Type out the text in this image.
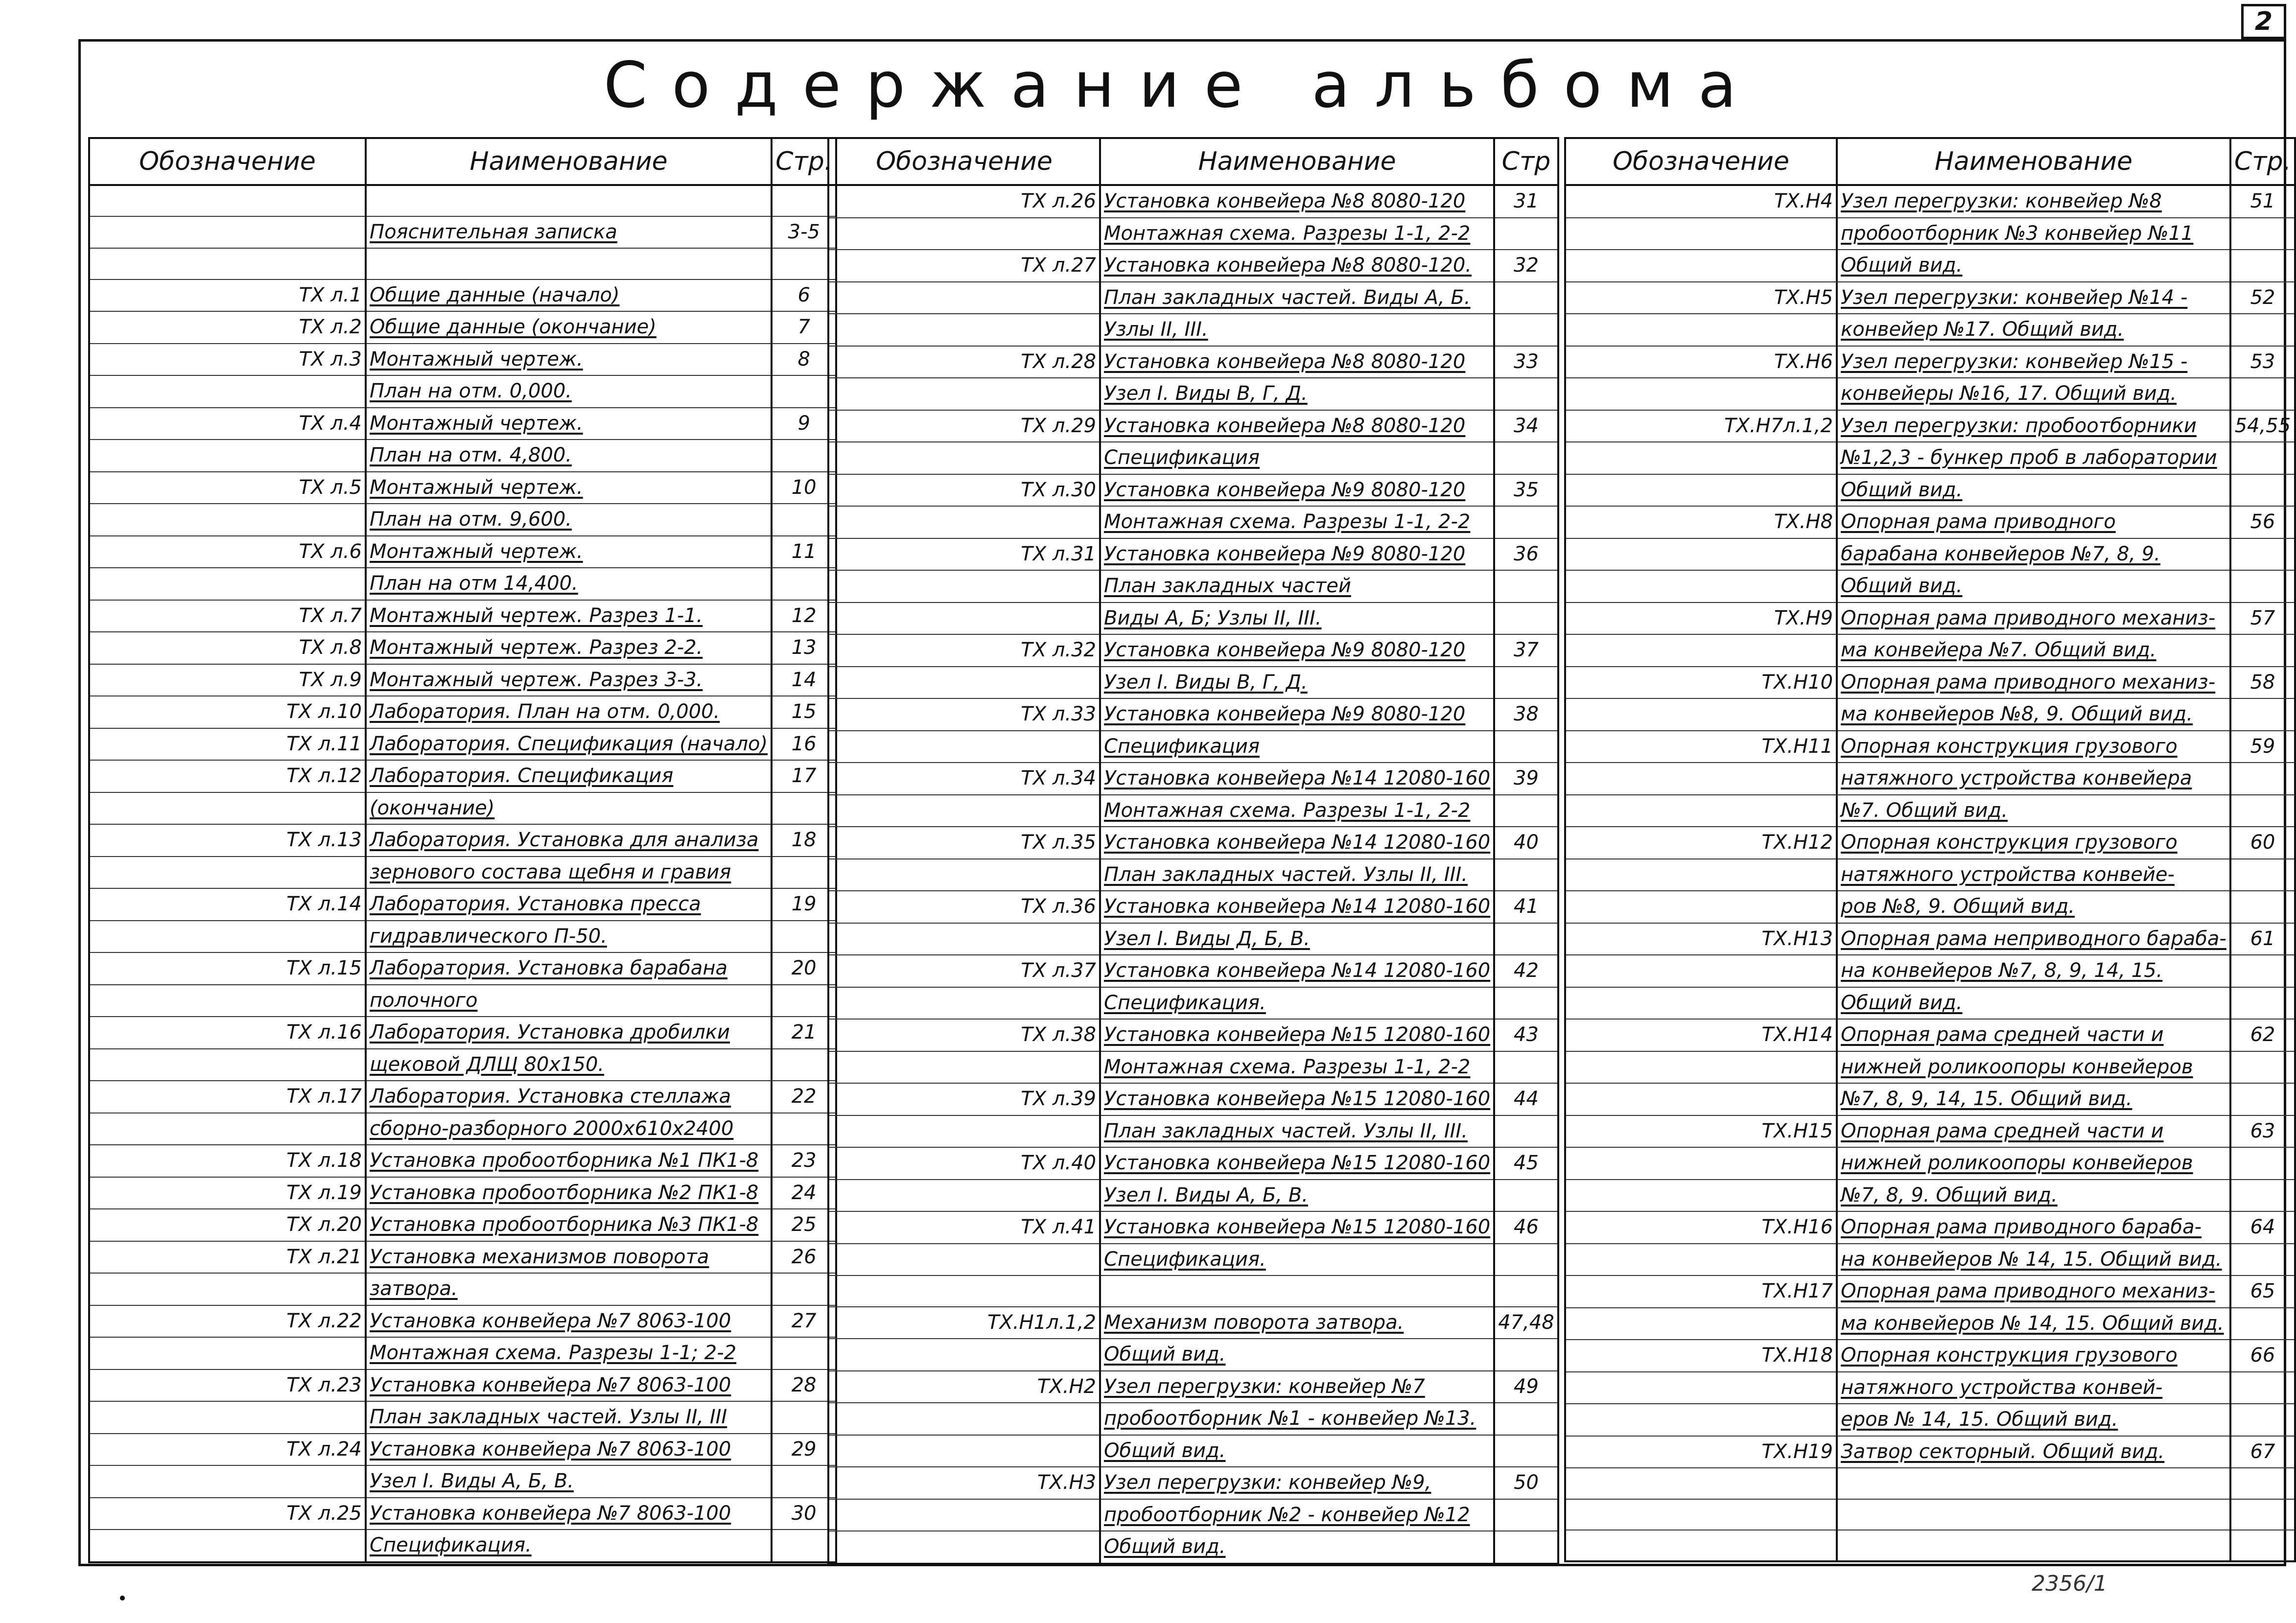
2
Содержание альбома
Обозначение	Наименование	Стр.

	Пояснительная записка	3-5

ТХ л.1	Общие данные (начало)	6
ТХ л.2	Общие данные (окончание)	7
ТХ л.3	Монтажный чертеж.	8
	План на отм. 0,000.	
ТХ л.4	Монтажный чертеж.	9
	План на отм. 4,800.	
ТХ л.5	Монтажный чертеж.	10
	План на отм. 9,600.	
ТХ л.6	Монтажный чертеж.	11
	План на отм 14,400.	
ТХ л.7	Монтажный чертеж. Разрез 1-1.	12
ТХ л.8	Монтажный чертеж. Разрез 2-2.	13
ТХ л.9	Монтажный чертеж. Разрез 3-3.	14
ТХ л.10	Лаборатория. План на отм. 0,000.	15
ТХ л.11	Лаборатория. Спецификация (начало)	16
ТХ л.12	Лаборатория. Спецификация	17
	(окончание)	
ТХ л.13	Лаборатория. Установка для анализа	18
	зернового состава щебня и гравия	
ТХ л.14	Лаборатория. Установка пресса	19
	гидравлического П-50.	
ТХ л.15	Лаборатория. Установка барабана	20
	полочного	
ТХ л.16	Лаборатория. Установка дробилки	21
	щековой ДЛЩ 80х150.	
ТХ л.17	Лаборатория. Установка стеллажа	22
	сборно-разборного 2000х610х2400	
ТХ л.18	Установка пробоотборника №1 ПК1-8	23
ТХ л.19	Установка пробоотборника №2 ПК1-8	24
ТХ л.20	Установка пробоотборника №3 ПК1-8	25
ТХ л.21	Установка механизмов поворота	26
	затвора.	
ТХ л.22	Установка конвейера №7 8063-100	27
	Монтажная схема. Разрезы 1-1; 2-2	
ТХ л.23	Установка конвейера №7 8063-100	28
	План закладных частей. Узлы II, III	
ТХ л.24	Установка конвейера №7 8063-100	29
	Узел I. Виды А, Б, В.	
ТХ л.25	Установка конвейера №7 8063-100	30
	Спецификация.	
Обозначение	Наименование	Стр
ТХ л.26	Установка конвейера №8 8080-120	31
	Монтажная схема. Разрезы 1-1, 2-2	
ТХ л.27	Установка конвейера №8 8080-120.	32
	План закладных частей. Виды А, Б.	
	Узлы II, III.	
ТХ л.28	Установка конвейера №8 8080-120	33
	Узел I. Виды В, Г, Д.	
ТХ л.29	Установка конвейера №8 8080-120	34
	Спецификация	
ТХ л.30	Установка конвейера №9 8080-120	35
	Монтажная схема. Разрезы 1-1, 2-2	
ТХ л.31	Установка конвейера №9 8080-120	36
	План закладных частей	
	Виды А, Б; Узлы II, III.	
ТХ л.32	Установка конвейера №9 8080-120	37
	Узел I. Виды В, Г, Д.	
ТХ л.33	Установка конвейера №9 8080-120	38
	Спецификация	
ТХ л.34	Установка конвейера №14 12080-160	39
	Монтажная схема. Разрезы 1-1, 2-2	
ТХ л.35	Установка конвейера №14 12080-160	40
	План закладных частей. Узлы II, III.	
ТХ л.36	Установка конвейера №14 12080-160	41
	Узел I. Виды Д, Б, В.	
ТХ л.37	Установка конвейера №14 12080-160	42
	Спецификация.	
ТХ л.38	Установка конвейера №15 12080-160	43
	Монтажная схема. Разрезы 1-1, 2-2	
ТХ л.39	Установка конвейера №15 12080-160	44
	План закладных частей. Узлы II, III.	
ТХ л.40	Установка конвейера №15 12080-160	45
	Узел I. Виды А, Б, В.	
ТХ л.41	Установка конвейера №15 12080-160	46
	Спецификация.	

ТХ.Н1л.1,2	Механизм поворота затвора.	47,48
	Общий вид.	
ТХ.Н2	Узел перегрузки: конвейер №7	49
	пробоотборник №1 - конвейер №13.	
	Общий вид.	
ТХ.Н3	Узел перегрузки: конвейер №9,	50
	пробоотборник №2 - конвейер №12	
	Общий вид.	
Обозначение	Наименование	Стр.
ТХ.Н4	Узел перегрузки: конвейер №8	51
	пробоотборник №3 конвейер №11	
	Общий вид.	
ТХ.Н5	Узел перегрузки: конвейер №14 -	52
	конвейер №17. Общий вид.	
ТХ.Н6	Узел перегрузки: конвейер №15 -	53
	конвейеры №16, 17. Общий вид.	
ТХ.Н7л.1,2	Узел перегрузки: пробоотборники	54,55
	№1,2,3 - бункер проб в лаборатории	
	Общий вид.	
ТХ.Н8	Опорная рама приводного	56
	барабана конвейеров №7, 8, 9.	
	Общий вид.	
ТХ.Н9	Опорная рама приводного механиз-	57
	ма конвейера №7. Общий вид.	
ТХ.Н10	Опорная рама приводного механиз-	58
	ма конвейеров №8, 9. Общий вид.	
ТХ.Н11	Опорная конструкция грузового	59
	натяжного устройства конвейера	
	№7. Общий вид.	
ТХ.Н12	Опорная конструкция грузового	60
	натяжного устройства конвейе-	
	ров №8, 9. Общий вид.	
ТХ.Н13	Опорная рама неприводного бараба-	61
	на конвейеров №7, 8, 9, 14, 15.	
	Общий вид.	
ТХ.Н14	Опорная рама средней части и	62
	нижней роликоопоры конвейеров	
	№7, 8, 9, 14, 15. Общий вид.	
ТХ.Н15	Опорная рама средней части и	63
	нижней роликоопоры конвейеров	
	№7, 8, 9. Общий вид.	
ТХ.Н16	Опорная рама приводного бараба-	64
	на конвейеров № 14, 15. Общий вид.	
ТХ.Н17	Опорная рама приводного механиз-	65
	ма конвейеров № 14, 15. Общий вид.	
ТХ.Н18	Опорная конструкция грузового	66
	натяжного устройства конвей-	
	еров № 14, 15. Общий вид.	
ТХ.Н19	Затвор секторный. Общий вид.	67

2356/1
